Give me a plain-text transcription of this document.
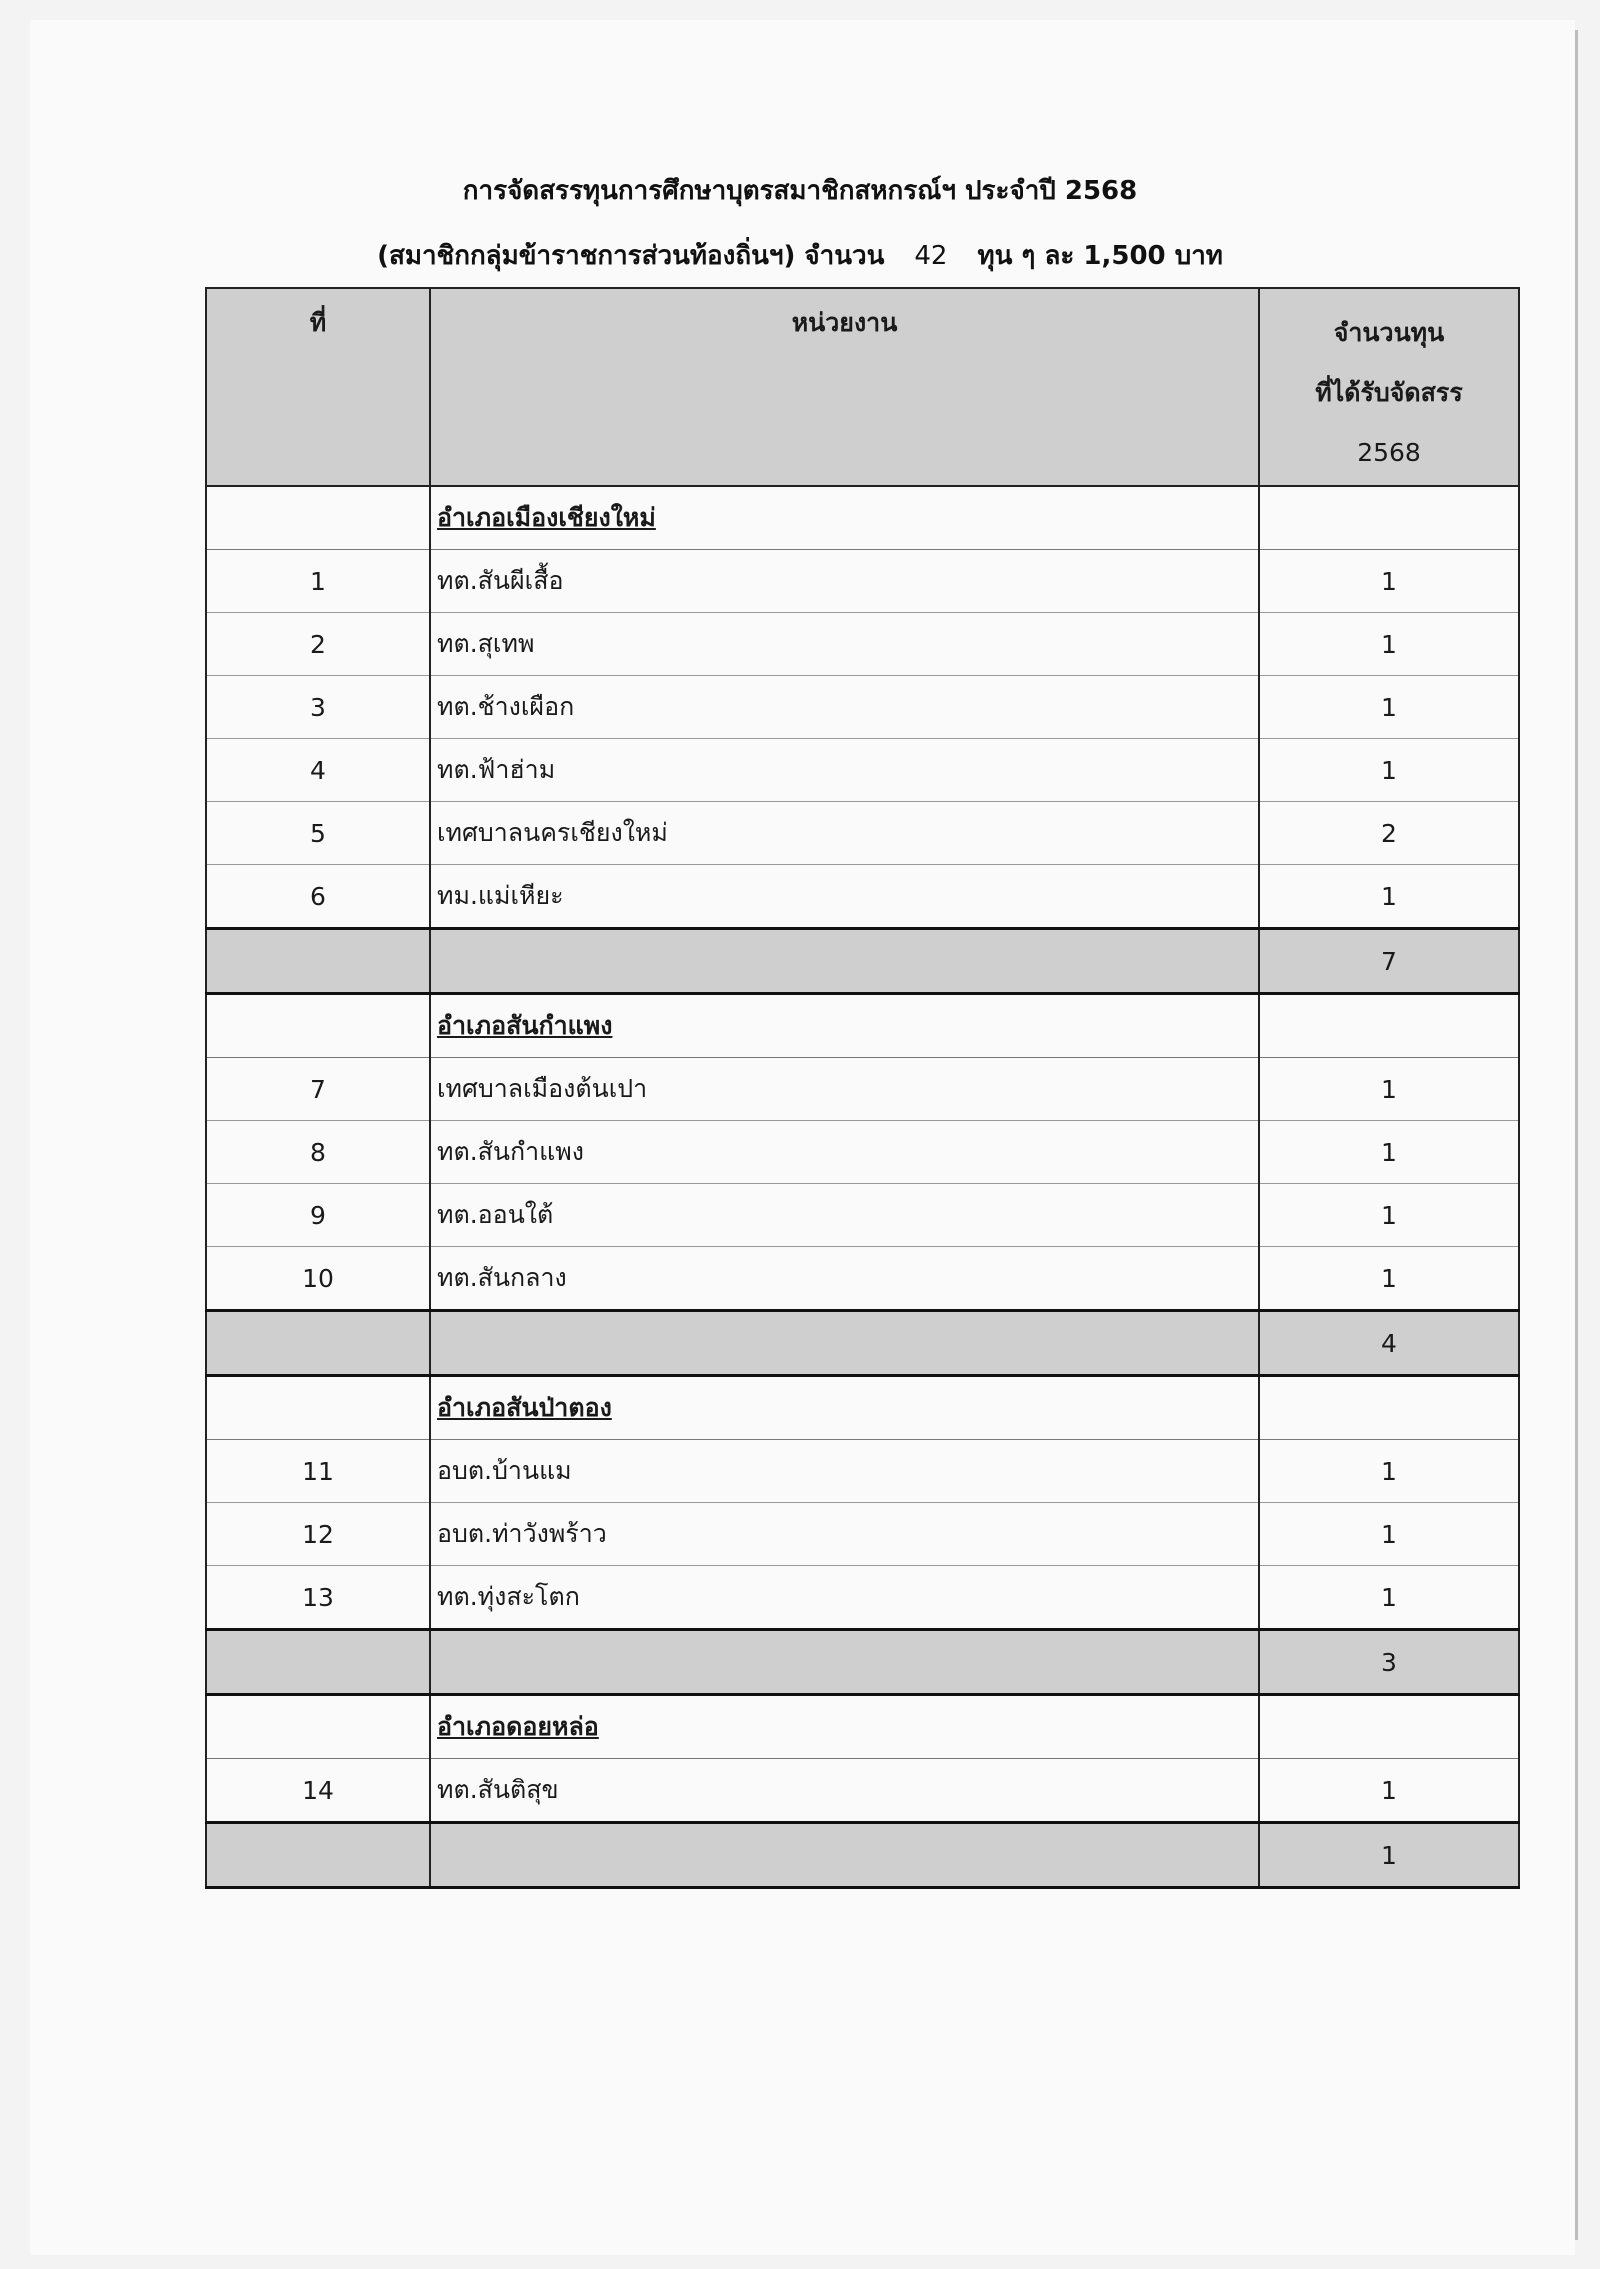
การจัดสรรทุนการศึกษาบุตรสมาชิกสหกรณ์ฯ ประจำปี 2568
(สมาชิกกลุ่มข้าราชการส่วนท้องถิ่นฯ) จำนวน 42 ทุน ๆ ละ 1,500 บาท
ที่	หน่วยงาน	จำนวนทุน
ที่ได้รับจัดสรร
2568

	อำเภอเมืองเชียงใหม่	
1	ทต.สันผีเสื้อ	1
2	ทต.สุเทพ	1
3	ทต.ช้างเผือก	1
4	ทต.ฟ้าฮ่าม	1
5	เทศบาลนครเชียงใหม่	2
6	ทม.แม่เหียะ	1
		7
	อำเภอสันกำแพง	
7	เทศบาลเมืองต้นเปา	1
8	ทต.สันกำแพง	1
9	ทต.ออนใต้	1
10	ทต.สันกลาง	1
		4
	อำเภอสันป่าตอง	
11	อบต.บ้านแม	1
12	อบต.ท่าวังพร้าว	1
13	ทต.ทุ่งสะโตก	1
		3
	อำเภอดอยหล่อ	
14	ทต.สันติสุข	1
		1
